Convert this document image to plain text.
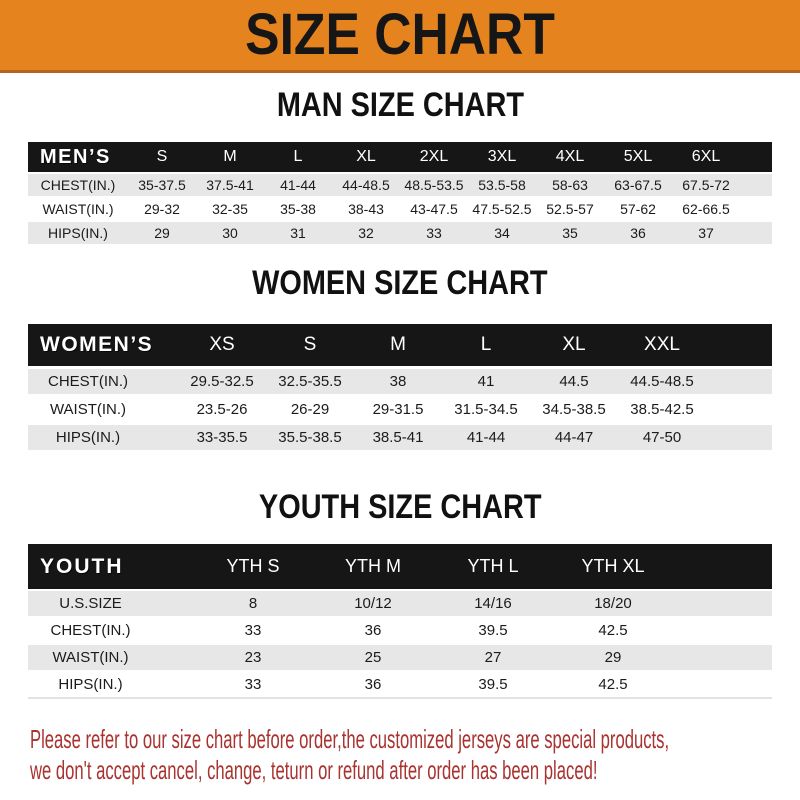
SIZE CHART
MAN SIZE CHART
MEN’S	S	M	L	XL	2XL	3XL	4XL	5XL	6XL
CHEST(IN.)	35-37.5	37.5-41	41-44	44-48.5	48.5-53.5	53.5-58	58-63	63-67.5	67.5-72
WAIST(IN.)	29-32	32-35	35-38	38-43	43-47.5	47.5-52.5	52.5-57	57-62	62-66.5
HIPS(IN.)	29	30	31	32	33	34	35	36	37
WOMEN SIZE CHART
WOMEN’S	XS	S	M	L	XL	XXL
CHEST(IN.)	29.5-32.5	32.5-35.5	38	41	44.5	44.5-48.5
WAIST(IN.)	23.5-26	26-29	29-31.5	31.5-34.5	34.5-38.5	38.5-42.5
HIPS(IN.)	33-35.5	35.5-38.5	38.5-41	41-44	44-47	47-50
YOUTH SIZE CHART
YOUTH	YTH S	YTH M	YTH L	YTH XL
U.S.SIZE	8	10/12	14/16	18/20
CHEST(IN.)	33	36	39.5	42.5
WAIST(IN.)	23	25	27	29
HIPS(IN.)	33	36	39.5	42.5
Please refer to our size chart before order,the customized jerseys are special products,
we don't accept cancel, change, teturn or refund after order has been placed!
